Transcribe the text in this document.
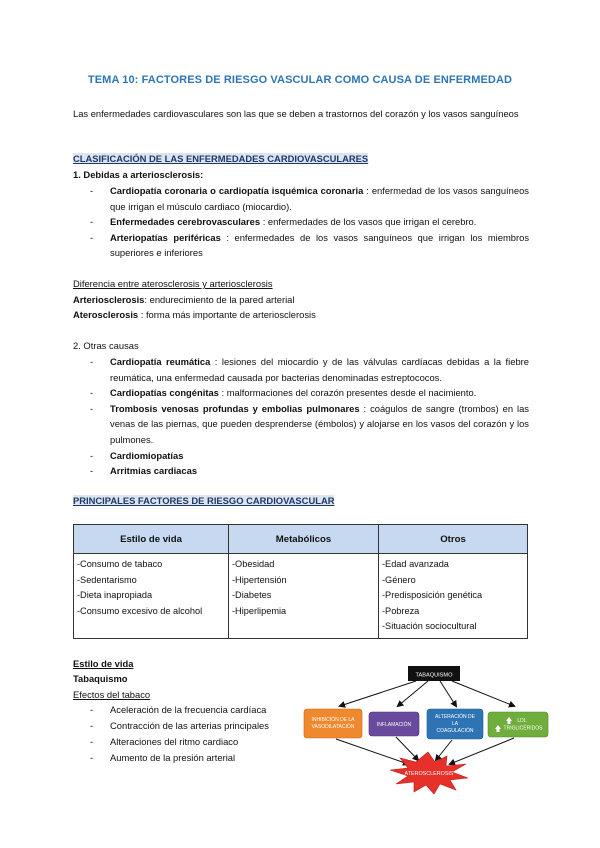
TEMA 10: FACTORES DE RIESGO VASCULAR COMO CAUSA DE ENFERMEDAD
Las enfermedades cardiovasculares son las que se deben a trastornos del corazón y los vasos sanguíneos
CLASIFICACIÓN DE LAS ENFERMEDADES CARDIOVASCULARES
1. Debidas a arteriosclerosis:
- Cardiopatía coronaria o cardiopatía isquémica coronaria : enfermedad de los vasos sanguíneos que irrigan el músculo cardiaco (miocardio).
- Enfermedades cerebrovasculares : enfermedades de los vasos que irrigan el cerebro.
- Arteriopatías periféricas : enfermedades de los vasos sanguíneos que irrigan los miembros superiores e inferiores
Diferencia entre aterosclerosis y arteriosclerosis
Arteriosclerosis: endurecimiento de la pared arterial
Aterosclerosis : forma más importante de arteriosclerosis
2. Otras causas
- Cardiopatía reumática : lesiones del miocardio y de las válvulas cardíacas debidas a la fiebre reumática, una enfermedad causada por bacterias denominadas estreptococos.
- Cardiopatías congénitas : malformaciones del corazón presentes desde el nacimiento.
- Trombosis venosas profundas y embolias pulmonares : coágulos de sangre (trombos) en las venas de las piernas, que pueden desprenderse (émbolos) y alojarse en los vasos del corazón y los pulmones.
- Cardiomiopatías
- Arritmias cardiacas
PRINCIPALES FACTORES DE RIESGO CARDIOVASCULAR
Estilo de vida	Metabólicos	Otros

-Consumo de tabaco
-Sedentarismo
-Dieta inapropiada
-Consumo excesivo de alcohol	-Obesidad
-Hipertensión
-Diabetes
-Hiperlipemia	-Edad avanzada
-Género
-Predisposición genética
-Pobreza
-Situación sociocultural
Estilo de vida
Tabaquismo
Efectos del tabaco
- Aceleración de la frecuencia cardíaca
- Contracción de las arterias principales
- Alteraciones del ritmo cardiaco
- Aumento de la presión arterial
TABAQUISMO
INHIBICIÓN DE LA
VASODILATACIÓN	INFLAMACIÓN
ALTERACIÓN DE
LA
COAGULACIÓN
LDL
TRIGLICÉRIDOS
ATEROSCLEROSIS
